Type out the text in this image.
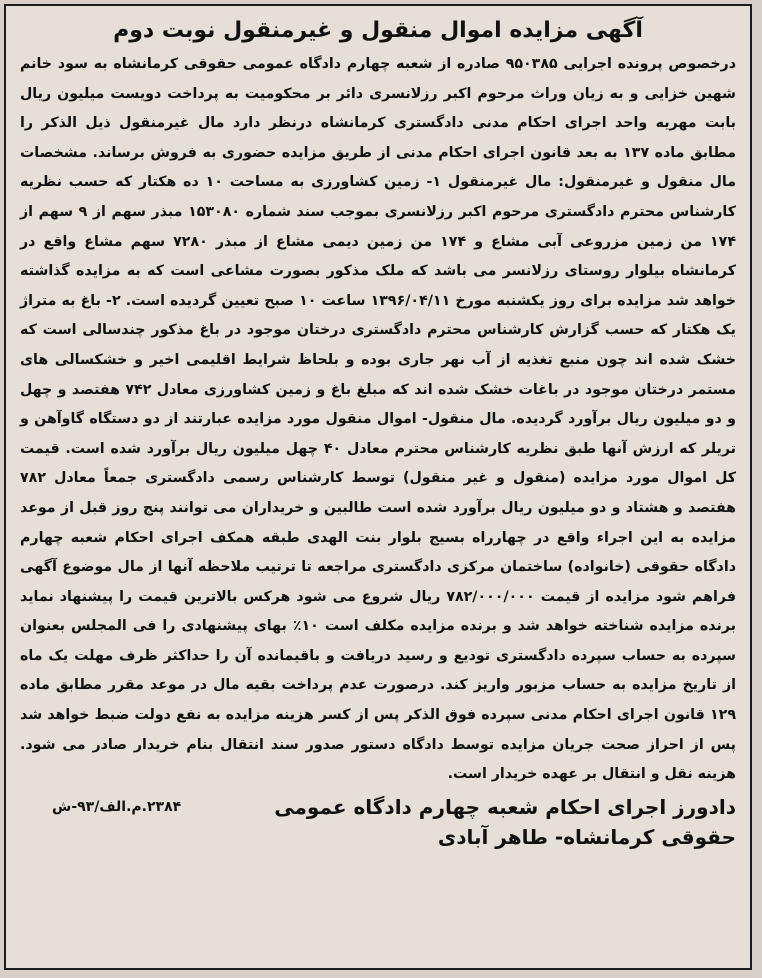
آگهی مزایده اموال منقول و غیرمنقول نوبت دوم

درخصوص پرونده اجرایی ۹۵۰۳۸۵ صادره از شعبه چهارم دادگاه عمومی حقوقی کرمانشاه به سود خانم شهین خزایی و به زیان وراث مرحوم اکبر رزلانسری دائر بر محکومیت به پرداخت دویست میلیون ریال بابت مهریه واحد اجرای احکام مدنی دادگستری کرمانشاه درنظر دارد مال غیرمنقول ذیل الذکر را مطابق ماده ۱۳۷ به بعد قانون اجرای احکام مدنی از طریق مزایده حضوری به فروش برساند. مشخصات مال منقول و غیرمنقول: مال غیرمنقول ۱- زمین کشاورزی به مساحت ۱۰ ده هکتار که حسب نظریه کارشناس محترم دادگستری مرحوم اکبر رزلانسری بموجب سند شماره ۱۵۳۰۸۰ مبذر سهم از ۹ سهم از ۱۷۴ من زمین مزروعی آبی مشاع و ۱۷۴ من زمین دیمی مشاع از مبذر ۷۲۸۰ سهم مشاع واقع در کرمانشاه بیلوار روستای رزلانسر می باشد که ملک مذکور بصورت مشاعی است که به مزایده گذاشته خواهد شد مزایده برای روز یکشنبه مورخ ۱۳۹۶/۰۴/۱۱ ساعت ۱۰ صبح تعیین گردیده است. ۲- باغ به متراژ یک هکتار که حسب گزارش کارشناس محترم دادگستری درختان موجود در باغ مذکور چندسالی است که خشک شده اند چون منبع تغذیه از آب نهر جاری بوده و بلحاظ شرایط اقلیمی اخیر و خشکسالی های مستمر درختان موجود در باغات خشک شده اند که مبلغ باغ و زمین کشاورزی معادل ۷۴۲ هفتصد و چهل و دو میلیون ریال برآورد گردیده. مال منقول- اموال منقول مورد مزایده عبارتند از دو دستگاه گاوآهن و تریلر که ارزش آنها طبق نظریه کارشناس محترم معادل ۴۰ چهل میلیون ریال برآورد شده است. قیمت کل اموال مورد مزایده (منقول و غیر منقول) توسط کارشناس رسمی دادگستری جمعاً معادل ۷۸۲ هفتصد و هشتاد و دو میلیون ریال برآورد شده است طالبین و خریداران می توانند پنج روز قبل از موعد مزایده به این اجراء واقع در چهارراه بسیج بلوار بنت الهدی طبقه همکف اجرای احکام شعبه چهارم دادگاه حقوقی (خانواده) ساختمان مرکزی دادگستری مراجعه تا ترتیب ملاحظه آنها از مال موضوع آگهی فراهم شود مزایده از قیمت ۷۸۲/۰۰۰/۰۰۰ ریال شروع می شود هرکس بالاترین قیمت را پیشنهاد نماید برنده مزایده شناخته خواهد شد و برنده مزایده مکلف است ۱۰٪ بهای پیشنهادی را فی المجلس بعنوان سپرده به حساب سپرده دادگستری تودیع و رسید دریافت و باقیمانده آن را حداکثر ظرف مهلت یک ماه از تاریخ مزایده به حساب مزبور واریز کند. درصورت عدم پرداخت بقیه مال در موعد مقرر مطابق ماده ۱۲۹ قانون اجرای احکام مدنی سپرده فوق الذکر پس از کسر هزینه مزایده به نفع دولت ضبط خواهد شد پس از احراز صحت جریان مزایده توسط دادگاه دستور صدور سند انتقال بنام خریدار صادر می شود. هزینه نقل و انتقال بر عهده خریدار است.

دادورز اجرای احکام شعبه چهارم دادگاه عمومی حقوقی کرمانشاه- طاهر آبادی
۲۳۸۴.م.الف/۹۳-ش
